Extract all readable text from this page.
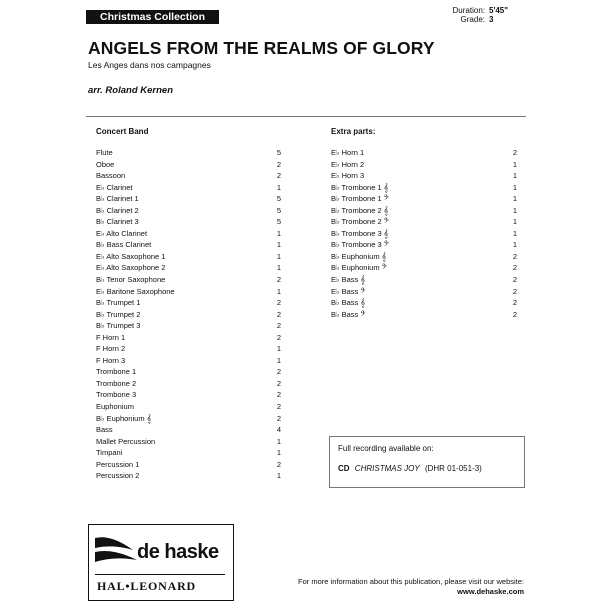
Christmas Collection
Duration: 5'45"
Grade: 3
ANGELS FROM THE REALMS OF GLORY
Les Anges dans nos campagnes
arr. Roland Kernen
Concert Band
Flute	5
Oboe	2
Bassoon	2
E♭ Clarinet	1
B♭ Clarinet 1	5
B♭ Clarinet 2	5
B♭ Clarinet 3	5
E♭ Alto Clarinet	1
B♭ Bass Clarinet	1
E♭ Alto Saxophone 1	1
E♭ Alto Saxophone 2	1
B♭ Tenor Saxophone	2
E♭ Baritone Saxophone	1
B♭ Trumpet 1	2
B♭ Trumpet 2	2
B♭ Trumpet 3	2
F Horn 1	2
F Horn 2	1
F Horn 3	1
Trombone 1	2
Trombone 2	2
Trombone 3	2
Euphonium	2
B♭ Euphonium 𝄞	2
Bass	4
Mallet Percussion	1
Timpani	1
Percussion 1	2
Percussion 2	1
Extra parts:
E♭ Horn 1	2
E♭ Horn 2	1
E♭ Horn 3	1
B♭ Trombone 1 𝄞	1
B♭ Trombone 1 𝄢	1
B♭ Trombone 2 𝄞	1
B♭ Trombone 2 𝄢	1
B♭ Trombone 3 𝄞	1
B♭ Trombone 3 𝄢	1
B♭ Euphonium 𝄞	2
B♭ Euphonium 𝄢	2
E♭ Bass 𝄞	2
E♭ Bass 𝄢	2
B♭ Bass 𝄞	2
B♭ Bass 𝄢	2
Full recording available on:
CD CHRISTMAS JOY (DHR 01-051-3)
de haske
HAL•LEONARD	For more information about this publication, please visit our website:
www.dehaske.com
